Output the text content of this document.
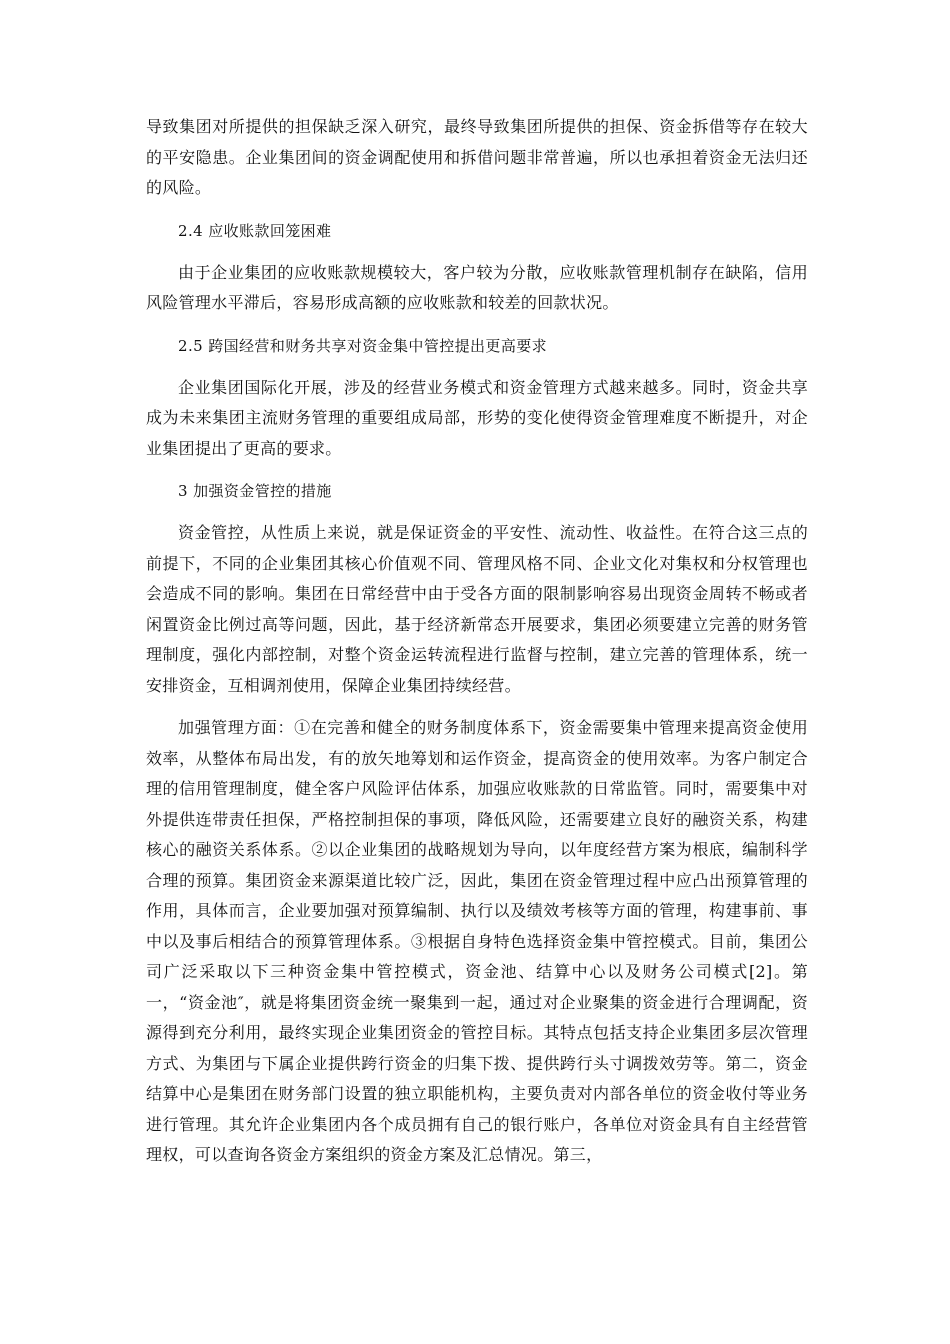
导致集团对所提供的担保缺乏深入研究，最终导致集团所提供的担保、资金拆借等存在较大的平安隐患。企业集团间的资金调配使用和拆借问题非常普遍，所以也承担着资金无法归还的风险。

2.4 应收账款回笼困难

由于企业集团的应收账款规模较大，客户较为分散，应收账款管理机制存在缺陷，信用风险管理水平滞后，容易形成高额的应收账款和较差的回款状况。

2.5 跨国经营和财务共享对资金集中管控提出更高要求

企业集团国际化开展，涉及的经营业务模式和资金管理方式越来越多。同时，资金共享成为未来集团主流财务管理的重要组成局部，形势的变化使得资金管理难度不断提升，对企业集团提出了更高的要求。

3 加强资金管控的措施

资金管控，从性质上来说，就是保证资金的平安性、流动性、收益性。在符合这三点的前提下，不同的企业集团其核心价值观不同、管理风格不同、企业文化对集权和分权管理也会造成不同的影响。集团在日常经营中由于受各方面的限制影响容易出现资金周转不畅或者闲置资金比例过高等问题，因此，基于经济新常态开展要求，集团必须要建立完善的财务管理制度，强化内部控制，对整个资金运转流程进行监督与控制，建立完善的管理体系，统一安排资金，互相调剂使用，保障企业集团持续经营。

加强管理方面：①在完善和健全的财务制度体系下，资金需要集中管理来提高资金使用效率，从整体布局出发，有的放矢地筹划和运作资金，提高资金的使用效率。为客户制定合理的信用管理制度，健全客户风险评估体系，加强应收账款的日常监管。同时，需要集中对外提供连带责任担保，严格控制担保的事项，降低风险，还需要建立良好的融资关系，构建核心的融资关系体系。②以企业集团的战略规划为导向，以年度经营方案为根底，编制科学合理的预算。集团资金来源渠道比较广泛，因此，集团在资金管理过程中应凸出预算管理的作用，具体而言，企业要加强对预算编制、执行以及绩效考核等方面的管理，构建事前、事中以及事后相结合的预算管理体系。③根据自身特色选择资金集中管控模式。目前，集团公司广泛采取以下三种资金集中管控模式，资金池、结算中心以及财务公司模式[2]。第一，“资金池″，就是将集团资金统一聚集到一起，通过对企业聚集的资金进行合理调配，资源得到充分利用，最终实现企业集团资金的管控目标。其特点包括支持企业集团多层次管理方式、为集团与下属企业提供跨行资金的归集下拨、提供跨行头寸调拨效劳等。第二，资金结算中心是集团在财务部门设置的独立职能机构，主要负责对内部各单位的资金收付等业务进行管理。其允许企业集团内各个成员拥有自己的银行账户，各单位对资金具有自主经营管理权，可以查询各资金方案组织的资金方案及汇总情况。第三，
